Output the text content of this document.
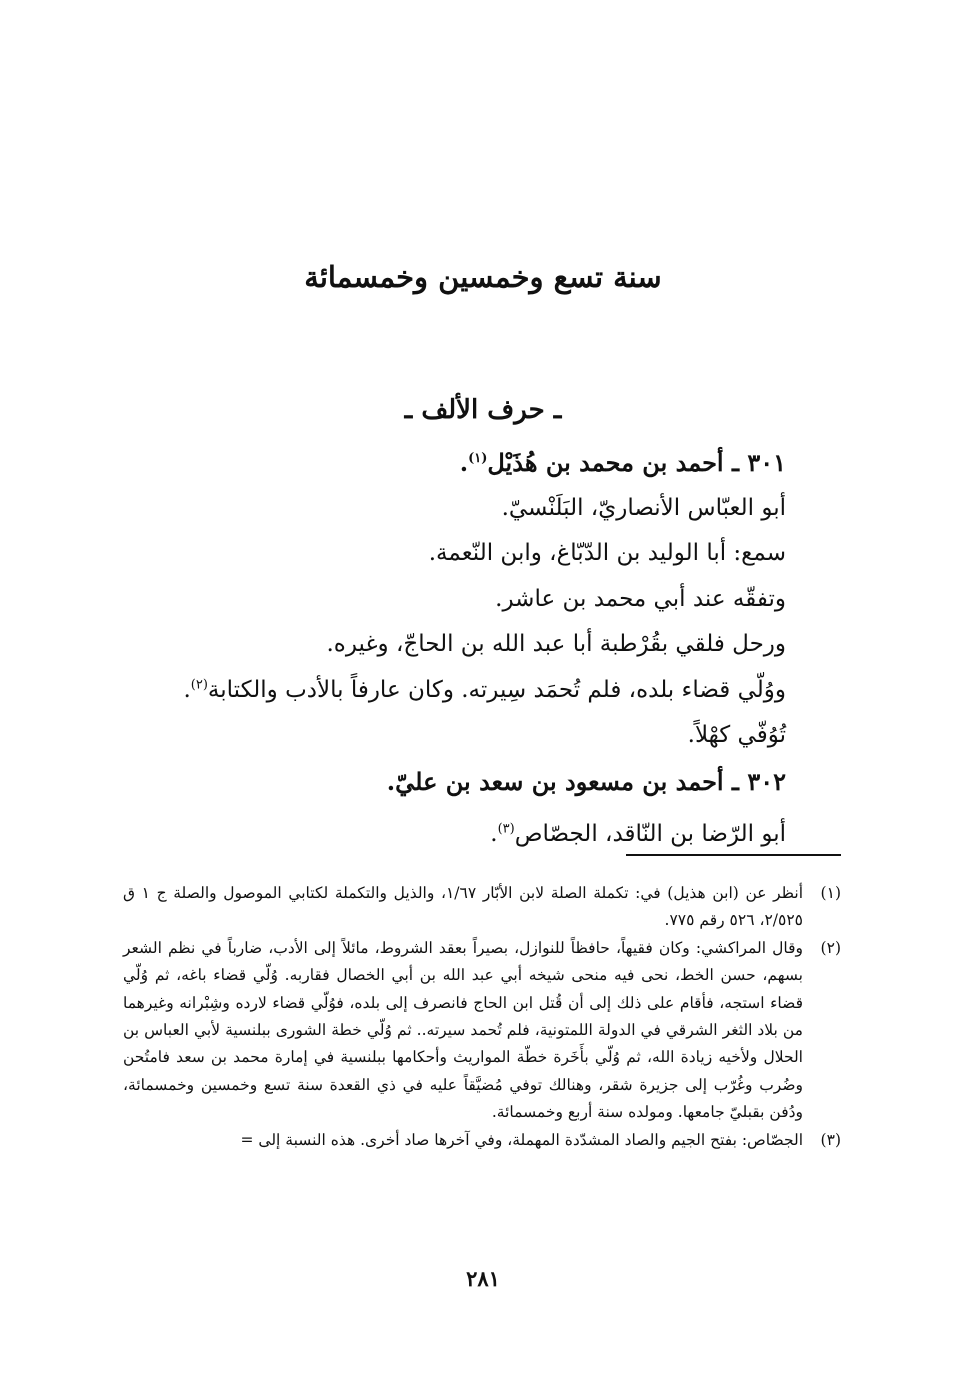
سنة تسع وخمسين وخمسمائة
ـ حرف الألف ـ
٣٠١ ـ أحمد بن محمد بن هُذَيْل$^{(١)}$.
أبو العبّاس الأنصاريّ، البَلَنْسيّ.
سمع: أبا الوليد بن الدّبّاغ، وابن النّعمة.
وتفقّه عند أبي محمد بن عاشر.
ورحل فلقي بقُرْطبة أبا عبد الله بن الحاجّ، وغيره.
ووُلّي قضاء بلده، فلم تُحمَد سِيرته. وكان عارفاً بالأدب والكتابة$^{(٢)}$.
تُوُفّي كهْلاً.
٣٠٢ ـ أحمد بن مسعود بن سعد بن عليّ.
أبو الرّضا بن النّاقد، الجصّاص$^{(٣)}$.
(١)
أنظر عن (ابن هذيل) في: تكملة الصلة لابن الأبّار ١/٦٧، والذيل والتكملة لكتابي الموصول والصلة ج ١ ق ٢/٥٢٥، ٥٢٦ رقم ٧٧٥.
(٢)
وقال المراكشي: وكان فقيهاً، حافظاً للنوازل، بصيراً بعقد الشروط، مائلاً إلى الأدب، ضارباً في نظم الشعر بسهم، حسن الخط، نحى فيه منحى شيخه أبي عبد الله بن أبي الخصال فقاربه. وُلّي قضاء باغه، ثم وُلّي قضاء استجه، فأقام على ذلك إلى أن قُتل ابن الحاج فانصرف إلى بلده، فوُلّي قضاء لارده وشِبْرانه وغيرهما من بلاد الثغر الشرقي في الدولة اللمتونية، فلم تُحمد سيرته.. ثم وُلّي خطة الشورى ببلنسية لأبي العباس بن الحلال ولأخيه زيادة الله، ثم وُلّي بأَخَرة خطّة المواريث وأحكامها ببلنسية في إمارة محمد بن سعد فامتُحن وضُرب وغُرّب إلى جزيرة شقر، وهنالك توفي مُضيَّقاً عليه في ذي القعدة سنة تسع وخمسين وخمسمائة، ودُفن بقبليّ جامعها. ومولده سنة أربع وخمسمائة.
(٣)
الجصّاص: بفتح الجيم والصاد المشدّدة المهملة، وفي آخرها صاد أخرى. هذه النسبة إلى =
٢٨١
